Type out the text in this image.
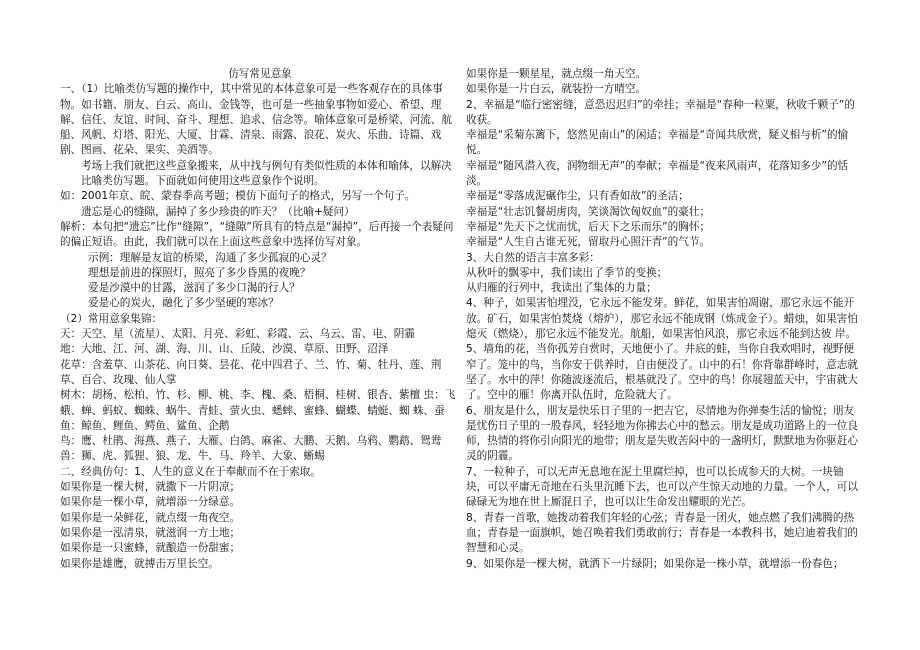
仿写常见意象

一、（1）比喻类仿写题的操作中，其中常见的本体意象可是一些客观存在的具体事物。如书籍、朋友、白云、高山、金钱等，也可是一些抽象事物如爱心、希望、理解、信任、友谊、时间、奋斗、理想、追求、信念等。喻体意象可是桥梁、河流、航船、风帆、灯塔、阳光、大厦、甘霖、清泉、雨露、浪花、炭火、乐曲、诗篇、戏剧、图画、花朵、果实、美酒等。

考场上我们就把这些意象搬来，从中找与例句有类似性质的本体和喻体，以解决比喻类仿写题。下面就如何使用这些意象作个说明。

如：2001年京、皖、蒙春季高考题；模仿下面句子的格式，另写一个句子。

遗忘是心的缝隙，漏掉了多少珍贵的昨天？（比喻+疑问）

解析：本句把“遗忘”比作“缝隙”，“缝隙”所具有的特点是“漏掉”，后再接一个表疑问的偏正短语。由此，我们就可以在上面这些意象中选择仿写对象。

示例：理解是友谊的桥梁，沟通了多少孤寂的心灵？

理想是前进的探照灯，照亮了多少昏黑的夜晚？

爱是沙漠中的甘露，滋润了多少口渴的行人？

爱是心的炭火，融化了多少坚硬的寒冰？

（2）常用意象集锦：

天：天空、星（流星）、太阳、月亮、彩虹、彩霞、云、乌云、雷、电、阴霾

地：大地、江、河、湖、海、川、山、丘陵、沙漠、草原、田野、沼泽

花草：含羞草、山茶花、向日葵、昙花、花中四君子、兰、竹、菊、牡丹、莲、荆草、百合、玫瑰、仙人掌

树木：胡杨、松柏、竹、杉、柳、桃、李、槐、桑、梧桐、桂树、银杏、紫檀 虫：飞蛾、蝉、蚂蚁、蜘蛛、蜗牛、青蛙、萤火虫、蟋蟀、蜜蜂、蝴蝶、蜻蜓、蜘 蛛、蚕

鱼：鲸鱼、鲤鱼、鳄鱼、鲨鱼、企鹅

鸟：鹰、杜鹃、海燕、燕子、大雁、白鸽、麻雀、大鹏、天鹅、乌鸦、鹦鹉、鸳鸯

兽：狮、虎、狐狸、狼、龙、牛、马、羚羊、大象、蜥蜴

二、经典仿句：1、人生的意义在于奉献而不在于索取。

如果你是一棵大树，就撒下一片阴凉；

如果你是一棵小草，就增添一分绿意。

如果你是一朵鲜花，就点缀一角夜空。

如果你是一泓清泉，就滋润一方土地；

如果你是一只蜜蜂，就酿造一份甜蜜；

如果你是雄鹰，就搏击万里长空。

如果你是一颗星星，就点缀一角天空。

如果你是一片白云，就装扮一方晴空。

2、幸福是“临行密密缝，意恐迟迟归”的牵挂；幸福是“春种一粒粟，秋收千颗子”的收获。

幸福是“采菊东篱下，悠然见南山”的闲适；幸福是“奇闻共欣赏，疑义相与析”的愉悦。

幸福是“随风潜入夜，润物细无声”的奉献；幸福是“夜来风雨声，花落知多少”的恬淡。

幸福是“零落成泥碾作尘，只有香如故”的圣洁；

幸福是“壮志饥餐胡虏肉，笑谈渴饮匈奴血”的豪壮；

幸福是“先天下之忧而忧，后天下之乐而乐”的胸怀；

幸福是“人生自古谁无死，留取丹心照汗青”的气节。

3、大自然的语言丰富多彩：

从秋叶的飘零中，我们读出了季节的变换；

从归雁的行列中，我读出了集体的力量；

4、种子，如果害怕埋没，它永远不能发芽。鲜花，如果害怕凋谢，那它永远不能开放。矿石，如果害怕焚烧（熔炉），那它永远不能成钢（炼成金子）。蜡烛，如果害怕熄灭（燃烧），那它永远不能发光。航船，如果害怕风浪，那它永远不能到达彼 岸。

5、墙角的花，当你孤芳自赏时，天地便小了。井底的蛙，当你自我欢唱时，视野便窄了。笼中的鸟，当你安于供养时，自由便没了。山中的石！你背靠群峰时，意志就坚了。水中的萍！你随波逐流后，根基就没了。空中的鸟！你展翅蓝天中，宇宙就大了。空中的雁！你离开队伍时，危险就大了。

6、朋友是什么，朋友是快乐日子里的一把吉它，尽情地为你弹奏生活的愉悦；朋友是忧伤日子里的一股春风，轻轻地为你拂去心中的愁云。朋友是成功道路上的一位良师，热情的将你引向阳光的地带；朋友是失败苦闷中的一盏明灯，默默地为你驱赶心灵的阴霾。

7、一粒种子，可以无声无息地在泥土里腐烂掉，也可以长成参天的大树。一块铀块，可以平庸无奇地在石头里沉睡下去，也可以产生惊天动地的力量。一个人，可以碌碌无为地在世上厮混日子，也可以让生命发出耀眼的光芒。

8、青春一首歌，她拨动着我们年轻的心弦；青春是一团火，她点燃了我们沸腾的热血；青春是一面旗帜，她召唤着我们勇敢前行；青春是一本教科书，她启迪着我们的智慧和心灵。

9、如果你是一棵大树，就洒下一片绿阴；如果你是一株小草，就增添一份春色；
